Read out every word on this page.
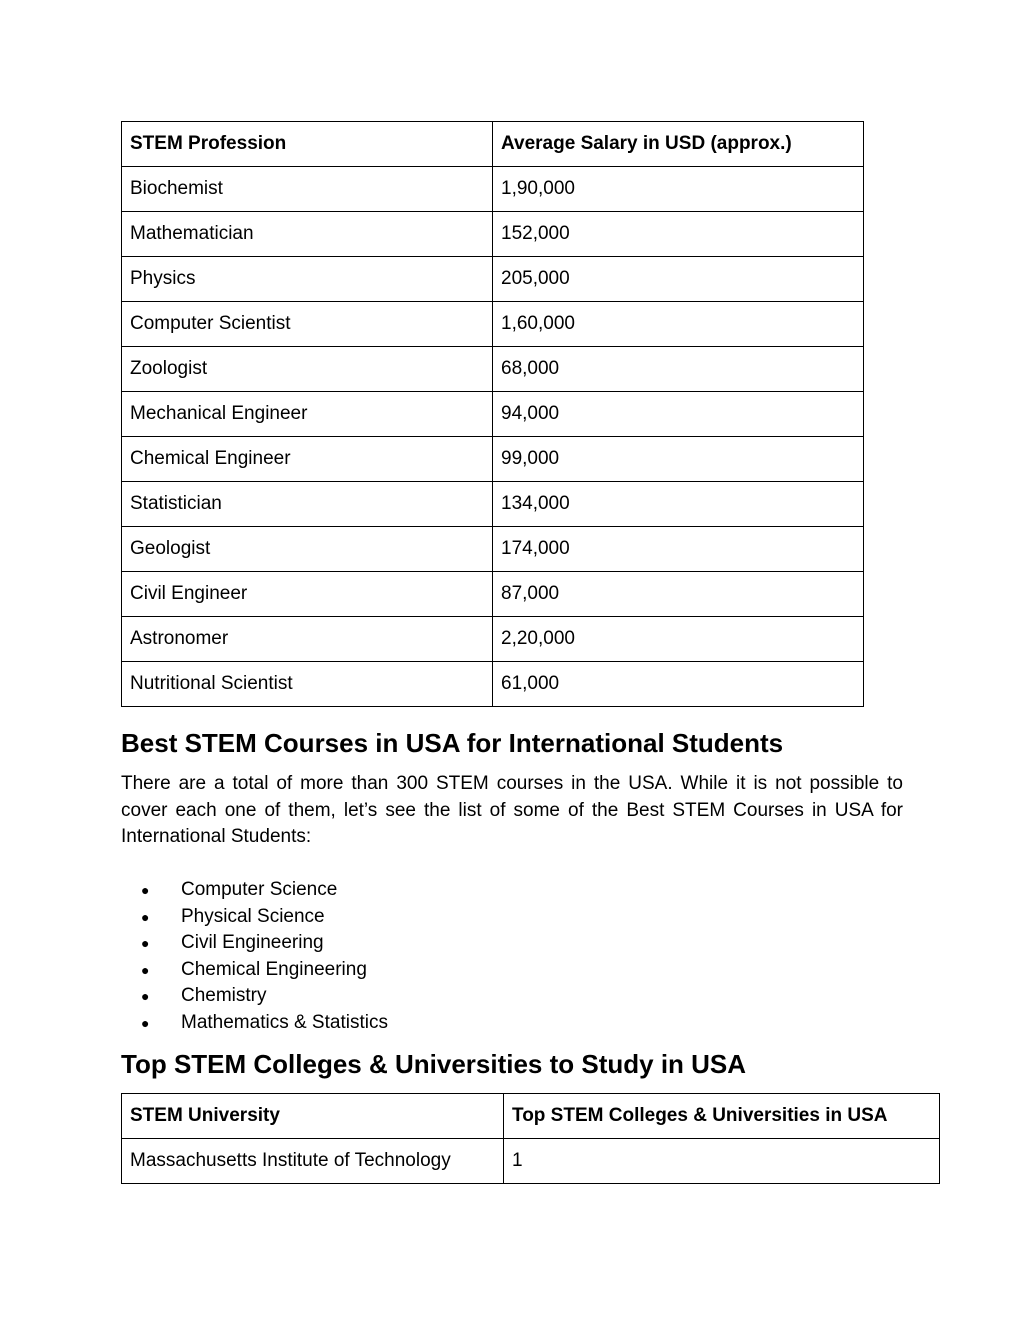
STEM Profession	Average Salary in USD (approx.)
Biochemist	1,90,000
Mathematician	152,000
Physics	205,000
Computer Scientist	1,60,000
Zoologist	68,000
Mechanical Engineer	94,000
Chemical Engineer	99,000
Statistician	134,000
Geologist	174,000
Civil Engineer	87,000
Astronomer	2,20,000
Nutritional Scientist	61,000
Best STEM Courses in USA for International Students

There are a total of more than 300 STEM courses in the USA. While it is not possible to cover each one of them, let’s see the list of some of the Best STEM Courses in USA for International Students:

● Computer Science
● Physical Science
● Civil Engineering
● Chemical Engineering
● Chemistry
● Mathematics & Statistics
Top STEM Colleges & Universities to Study in USA
STEM University	Top STEM Colleges & Universities in USA
Massachusetts Institute of Technology	1
